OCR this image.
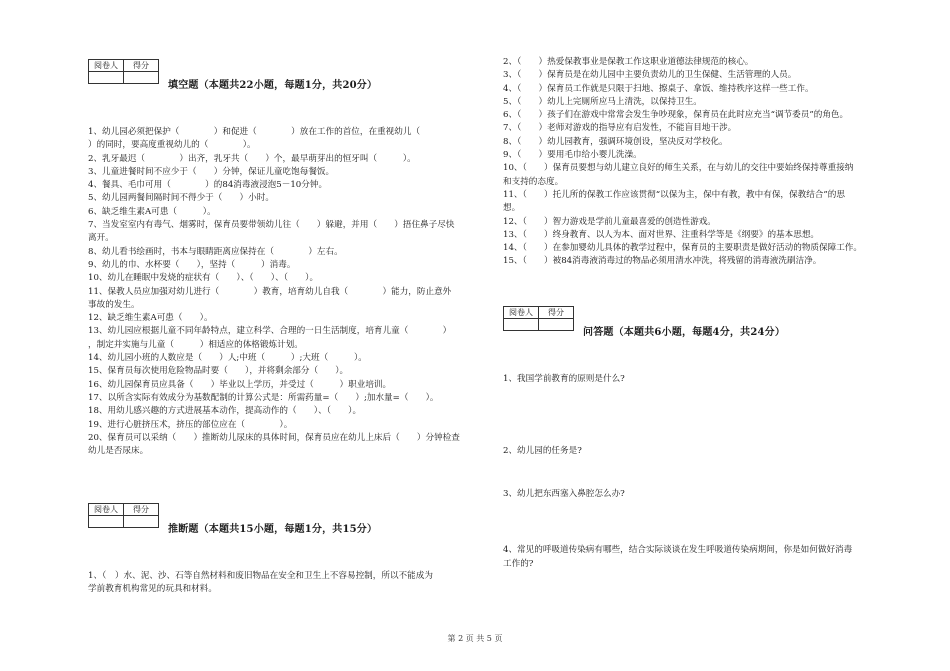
阅卷人	得分

填空题（本题共22小题，每题1分，共20分）
1、幼儿园必须把保护（　　　　）和促进（　　　　）放在工作的首位，在重视幼儿（
）的同时，要高度重视幼儿的（　　　　）。
2、乳牙最迟（　　　　）出齐，乳牙共（　　）个，最早萌芽出的恒牙叫（　　　）。
3、儿童进餐时间不应少于（　　）分钟，保证儿童吃饱每餐饭。
4、餐具、毛巾可用（　　　　）的84消毒液浸泡5－10分钟。
5、幼儿园两餐间隔时间不得少于（　　）小时。
6、缺乏维生素A可患（　　　）。
7、当发室室内有毒气、烟雾时，保育员要带领幼儿往（　　）躲避，并用（　　）捂住鼻子尽快
离开。
8、幼儿看书绘画时，书本与眼睛距离应保持在（　　　　）左右。
9、幼儿的巾、水杯要（　　），坚持（　　　）消毒。
10、幼儿在睡眠中发烧的症状有（　　）、（　　）、（　　）。
11、保教人员应加强对幼儿进行（　　　　）教育，培育幼儿自我（　　　　）能力，防止意外
事故的发生。
12、缺乏维生素A可患（　　）。
13、幼儿园应根据儿童不同年龄特点，建立科学、合理的一日生活制度，培育儿童（　　　　）
，制定并实施与儿童（　　　）相适应的体格锻炼计划。
14、幼儿园小班的人数应是（　　）人;中班（　　　）;大班（　　　）。
15、保育员每次使用危险物品时要（　　），并将剩余部分（　　）。
16、幼儿园保育员应具备（　　）毕业以上学历，并受过（　　　）职业培训。
17、以所含实际有效成分为基数配制的计算公式是：所需药量=（　　）;加水量=（　　）。
18、用幼儿感兴趣的方式进展基本动作，提高动作的（　　）、（　　）。
19、进行心脏挤压术，挤压的部位应在（　　　　）。
20、保育员可以采纳（　　）推断幼儿尿床的具体时间，保育员应在幼儿上床后（　　）分钟检查
幼儿是否尿床。
阅卷人	得分

推断题（本题共15小题，每题1分，共15分）
1、（　）水、泥、沙、石等自然材料和废旧物品在安全和卫生上不容易控制，所以不能成为
学前教育机构常见的玩具和材料。
2、（　　）热爱保教事业是保教工作这职业道德法律规范的核心。
3、（　　）保育员是在幼儿园中主要负责幼儿的卫生保健、生活管理的人员。
4、（　　）保育员工作就是只限于扫地、擦桌子、拿饭、维持秩序这样一些工作。
5、（　　）幼儿上完厕所应马上清洗，以保持卫生。
6、（　　）孩子们在游戏中常常会发生争吵现象，保育员在此时应充当“调节委员”的角色。
7、（　　）老师对游戏的指导应有启发性，不能盲目地干涉。
8、（　　）幼儿园教育，强调环境创设，坚决反对学校化。
9、（　　）要用毛巾给小婴儿洗澡。
10、（　　）保育员要想与幼儿建立良好的师生关系，在与幼儿的交往中要始终保持尊重接纳
和支持的态度。
11、（　　）托儿所的保教工作应该贯彻“以保为主，保中有教，教中有保，保教结合”的思
想。
12、（　　）智力游戏是学前儿童最喜爱的创造性游戏。
13、（　　）终身教育、以人为本、面对世界、注重科学等是《纲要》的基本思想。
14、（　　）在参加婴幼儿具体的教学过程中，保育员的主要职责是做好活动的物质保障工作。
15、（　　）被84消毒液消毒过的物品必须用清水冲洗，将残留的消毒液洗刷洁净。
阅卷人	得分

问答题（本题共6小题，每题4分，共24分）
1、我国学前教育的原则是什么?
2、幼儿园的任务是?
3、幼儿把东西塞入鼻腔怎么办?
4、常见的呼吸道传染病有哪些，结合实际谈谈在发生呼吸道传染病期间，你是如何做好消毒
工作的?
第 2 页 共 5 页
